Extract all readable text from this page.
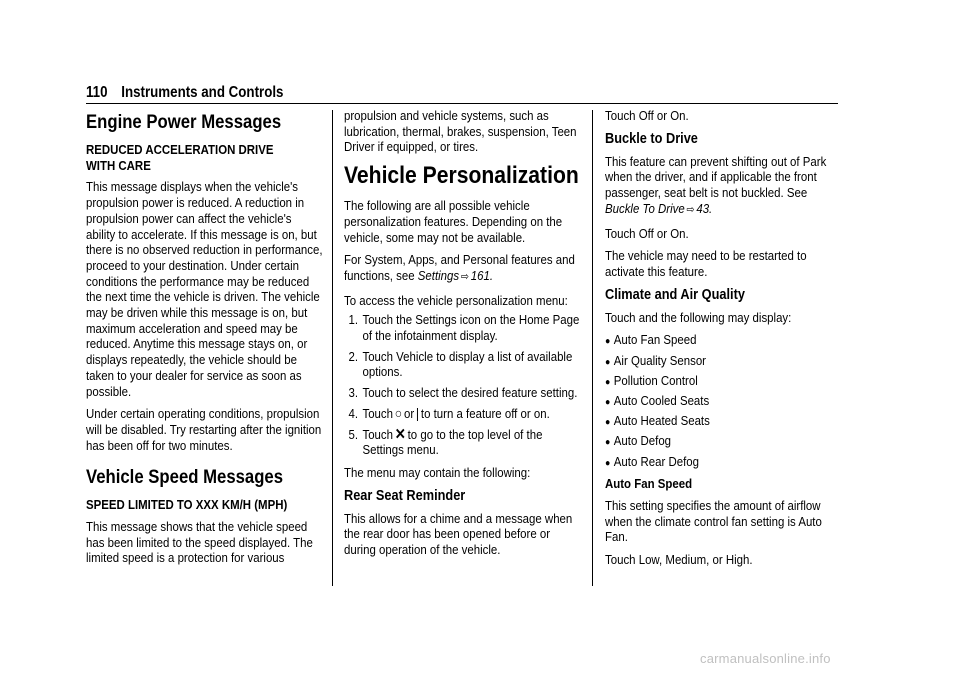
110 Instruments and Controls
Engine Power Messages
REDUCED ACCELERATION DRIVE
WITH CARE

This message displays when the vehicle's propulsion power is reduced. A reduction in propulsion power can affect the vehicle's ability to accelerate. If this message is on, but there is no observed reduction in performance, proceed to your destination. Under certain conditions the performance may be reduced the next time the vehicle is driven. The vehicle may be driven while this message is on, but maximum acceleration and speed may be reduced. Anytime this message stays on, or displays repeatedly, the vehicle should be taken to your dealer for service as soon as possible.

Under certain operating conditions, propulsion will be disabled. Try restarting after the ignition has been off for two minutes.

Vehicle Speed Messages
SPEED LIMITED TO XXX KM/H (MPH)

This message shows that the vehicle speed has been limited to the speed displayed. The limited speed is a protection for various

propulsion and vehicle systems, such as lubrication, thermal, brakes, suspension, Teen Driver if equipped, or tires.

Vehicle Personalization

The following are all possible vehicle personalization features. Depending on the vehicle, some may not be available.

For System, Apps, and Personal features and functions, see Settings ⇨ 161.

To access the vehicle personalization menu:

1. Touch the Settings icon on the Home Page of the infotainment display.
2. Touch Vehicle to display a list of available options.
3. Touch to select the desired feature setting.
4. Touch ○ or | to turn a feature off or on.
5. Touch ✕ to go to the top level of the Settings menu.

The menu may contain the following:

Rear Seat Reminder

This allows for a chime and a message when the rear door has been opened before or during operation of the vehicle.

Touch Off or On.

Buckle to Drive

This feature can prevent shifting out of Park when the driver, and if applicable the front passenger, seat belt is not buckled. See Buckle To Drive ⇨ 43.

Touch Off or On.

The vehicle may need to be restarted to activate this feature.

Climate and Air Quality

Touch and the following may display:

● Auto Fan Speed
● Air Quality Sensor
● Pollution Control
● Auto Cooled Seats
● Auto Heated Seats
● Auto Defog
● Auto Rear Defog
Auto Fan Speed

This setting specifies the amount of airflow when the climate control fan setting is Auto Fan.

Touch Low, Medium, or High.

carmanualsonline.info
